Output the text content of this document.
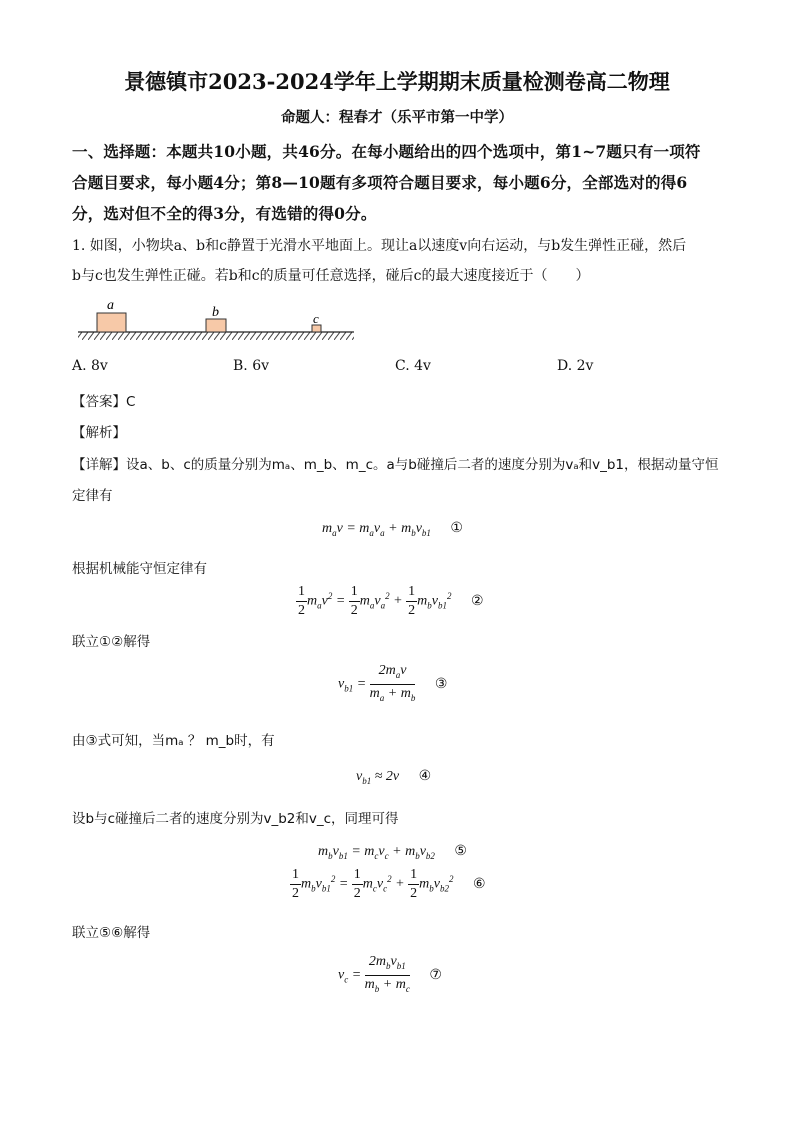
景德镇市2023-2024学年上学期期末质量检测卷高二物理
命题人：程春才（乐平市第一中学）
一、选择题：本题共10小题，共46分。在每小题给出的四个选项中，第1~7题只有一项符
合题目要求，每小题4分；第8—10题有多项符合题目要求，每小题6分，全部选对的得6
分，选对但不全的得3分，有选错的得0分。
1. 如图，小物块a、b和c静置于光滑水平地面上。现让a以速度v向右运动，与b发生弹性正碰，然后
b与c也发生弹性正碰。若b和c的质量可任意选择，碰后c的最大速度接近于（　　）
a	b	c
A. 8v	B. 6v	C. 4v	D. 2v
【答案】C
【解析】
【详解】设a、b、c的质量分别为mₐ、m_b、m_c。a与b碰撞后二者的速度分别为vₐ和v_b1，根据动量守恒
定律有
$m_av = m_av_a + m_bv_{b1}$ ①
根据机械能守恒定律有
$\frac{1}{2} m_av^2 = \frac{1}{2} m_av_a^2 + \frac{1}{2} m_bv_{b1}^2$ ②
联立①②解得
$v_{b1} = \frac{2m_av}{m_a + m_b}$ ③
由③式可知，当mₐ ？ m_b时，有
$v_{b1} \approx 2v$ ④
设b与c碰撞后二者的速度分别为v_b2和v_c，同理可得
$m_bv_{b1} = m_cv_c + m_bv_{b2}$ ⑤
$\frac{1}{2} m_bv_{b1}^2 = \frac{1}{2} m_cv_c^2 + \frac{1}{2} m_bv_{b2}^2$ ⑥
联立⑤⑥解得
$v_c = \frac{2m_bv_{b1}}{m_b + m_c}$ ⑦
